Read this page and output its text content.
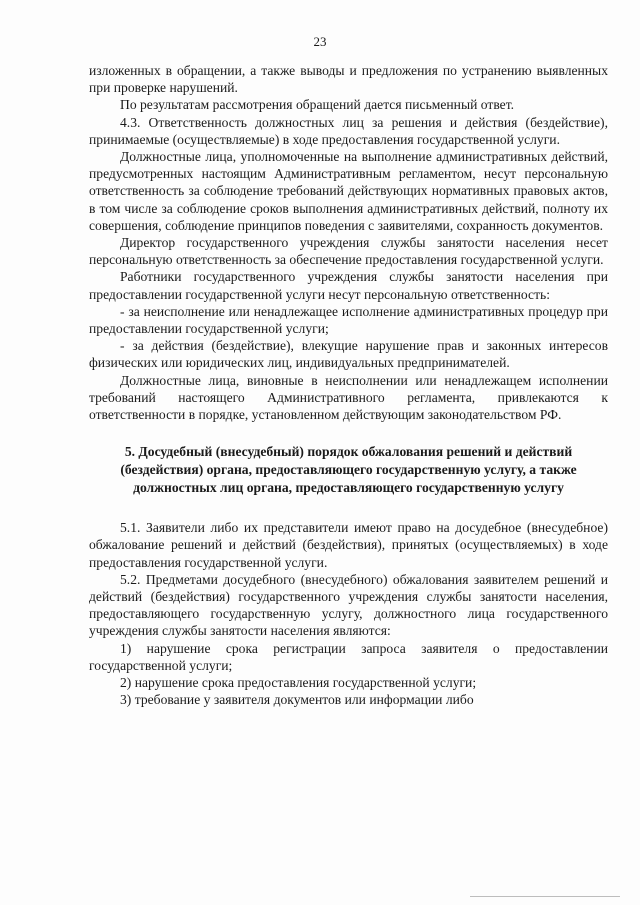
23

изложенных в обращении, а также выводы и предложения по устранению выявленных при проверке нарушений.

По результатам рассмотрения обращений дается письменный ответ.

4.3. Ответственность должностных лиц за решения и действия (бездействие), принимаемые (осуществляемые) в ходе предоставления государственной услуги.

Должностные лица, уполномоченные на выполнение административных действий, предусмотренных настоящим Административным регламентом, несут персональную ответственность за соблюдение требований действующих нормативных правовых актов, в том числе за соблюдение сроков выполнения административных действий, полноту их совершения, соблюдение принципов поведения с заявителями, сохранность документов.

Директор государственного учреждения службы занятости населения несет персональную ответственность за обеспечение предоставления государственной услуги.

Работники государственного учреждения службы занятости населения при предоставлении государственной услуги несут персональную ответственность:

- за неисполнение или ненадлежащее исполнение административных процедур при предоставлении государственной услуги;

- за действия (бездействие), влекущие нарушение прав и законных интересов физических или юридических лиц, индивидуальных предпринимателей.

Должностные лица, виновные в неисполнении или ненадлежащем исполнении требований настоящего Административного регламента, привлекаются к ответственности в порядке, установленном действующим законодательством РФ.

5. Досудебный (внесудебный) порядок обжалования решений и действий (бездействия) органа, предоставляющего государственную услугу, а также должностных лиц органа, предоставляющего государственную услугу

5.1. Заявители либо их представители имеют право на досудебное (внесудебное) обжалование решений и действий (бездействия), принятых (осуществляемых) в ходе предоставления государственной услуги.

5.2. Предметами досудебного (внесудебного) обжалования заявителем решений и действий (бездействия) государственного учреждения службы занятости населения, предоставляющего государственную услугу, должностного лица государственного учреждения службы занятости населения являются:

1) нарушение срока регистрации запроса заявителя о предоставлении государственной услуги;

2) нарушение срока предоставления государственной услуги;

3) требование у заявителя документов или информации либо
